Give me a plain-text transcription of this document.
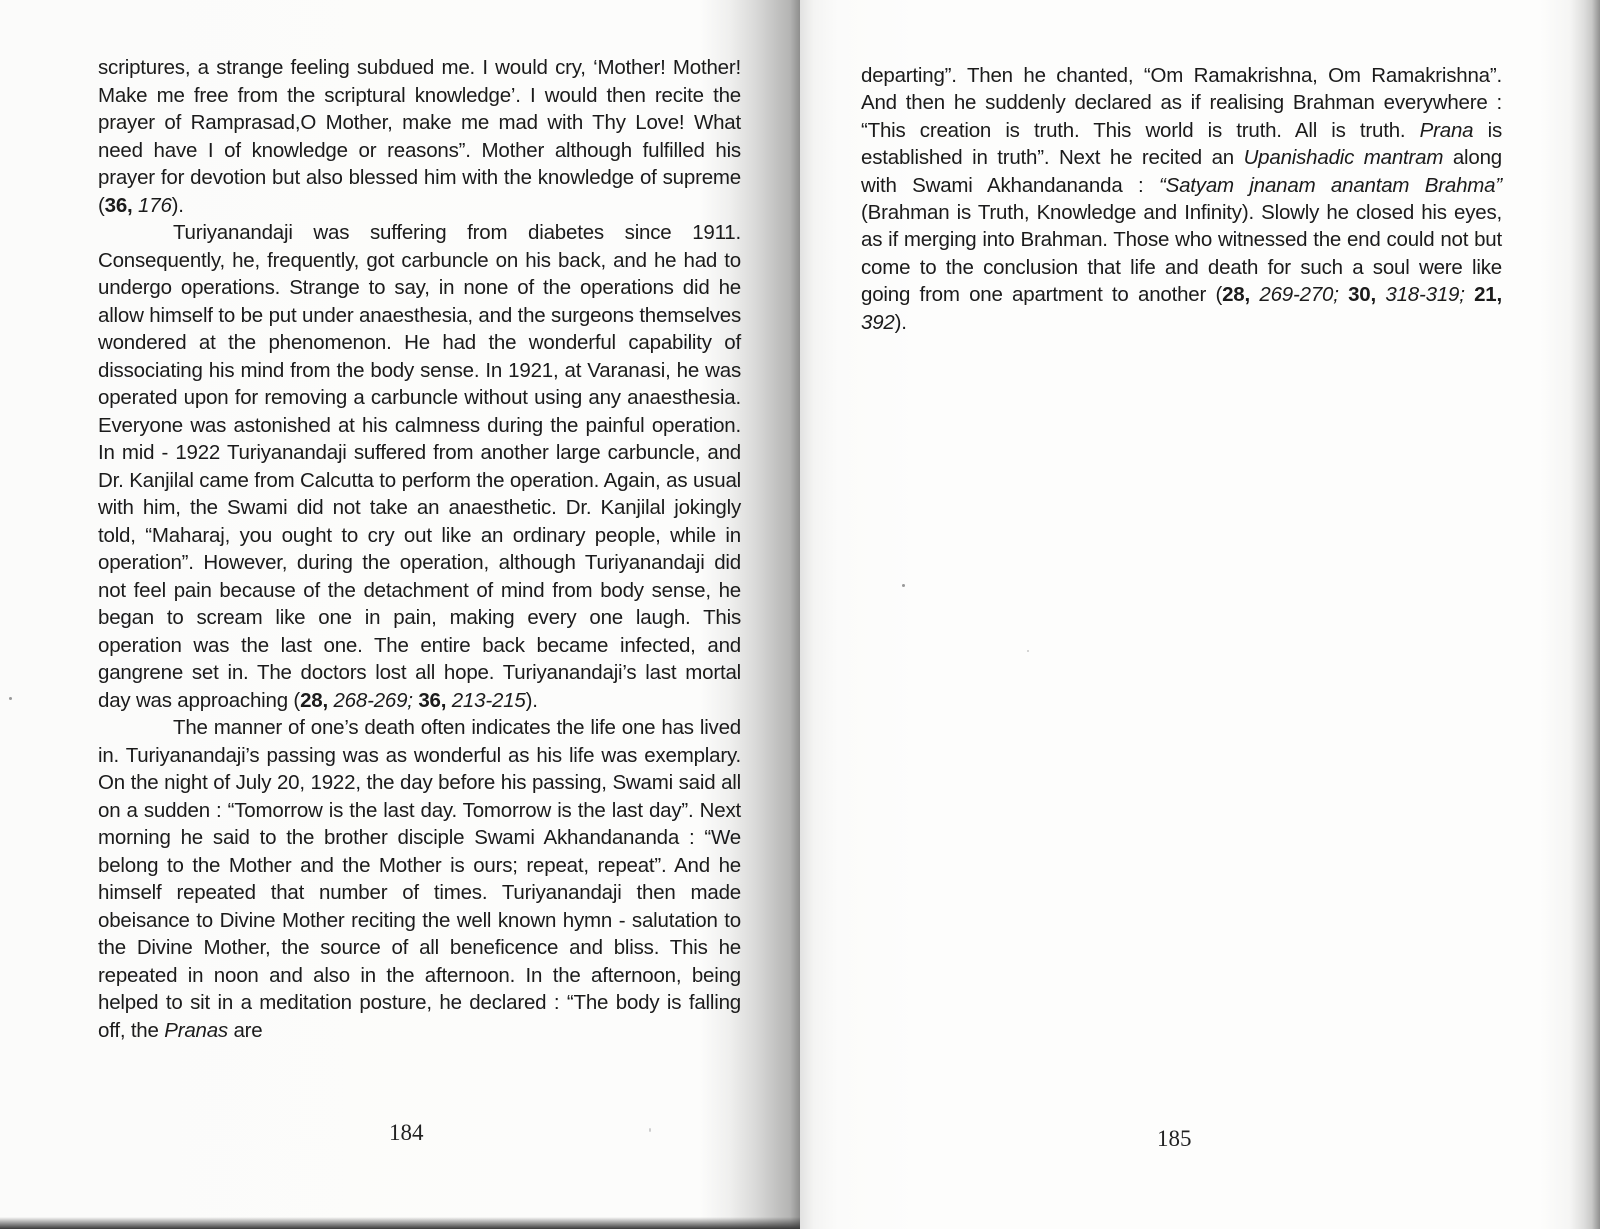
scriptures, a strange feeling subdued me. I would cry, ‘Mother! Mother! Make me free from the scriptural knowledge’. I would then recite the prayer of Ramprasad,O Mother, make me mad with Thy Love! What need have I of knowledge or reasons”. Mother although fulfilled his prayer for devotion but also blessed him with the knowledge of supreme (36, 176).

Turiyanandaji was suffering from diabetes since 1911. Consequently, he, frequently, got carbuncle on his back, and he had to undergo operations. Strange to say, in none of the operations did he allow himself to be put under anaesthesia, and the surgeons themselves wondered at the phenomenon. He had the wonderful capability of dissociating his mind from the body sense. In 1921, at Varanasi, he was operated upon for removing a carbuncle without using any anaesthesia. Everyone was astonished at his calmness during the painful operation. In mid - 1922 Turiyanandaji suffered from another large carbuncle, and Dr. Kanjilal came from Calcutta to perform the operation. Again, as usual with him, the Swami did not take an anaesthetic. Dr. Kanjilal jokingly told, “Maharaj, you ought to cry out like an ordinary people, while in operation”. However, during the operation, although Turiyanandaji did not feel pain because of the detachment of mind from body sense, he began to scream like one in pain, making every one laugh. This operation was the last one. The entire back became infected, and gangrene set in. The doctors lost all hope. Turiyanandaji’s last mortal day was approaching (28, 268-269; 36, 213-215).

The manner of one’s death often indicates the life one has lived in. Turiyanandaji’s passing was as wonderful as his life was exemplary. On the night of July 20, 1922, the day before his passing, Swami said all on a sudden : “Tomorrow is the last day. Tomorrow is the last day”. Next morning he said to the brother disciple Swami Akhandananda : “We belong to the Mother and the Mother is ours; repeat, repeat”. And he himself repeated that number of times. Turiyanandaji then made obeisance to Divine Mother reciting the well known hymn - salutation to the Divine Mother, the source of all beneficence and bliss. This he repeated in noon and also in the afternoon. In the afternoon, being helped to sit in a meditation posture, he declared : “The body is falling off, the Pranas are

departing”. Then he chanted, “Om Ramakrishna, Om Ramakrishna”. And then he suddenly declared as if realising Brahman everywhere : “This creation is truth. This world is truth. All is truth. Prana is established in truth”. Next he recited an Upanishadic mantram along with Swami Akhandananda : “Satyam jnanam anantam Brahma” (Brahman is Truth, Knowledge and Infinity). Slowly he closed his eyes, as if merging into Brahman. Those who witnessed the end could not but come to the conclusion that life and death for such a soul were like going from one apartment to another (28, 269-270; 30, 318-319; 21, 392).

184	185
